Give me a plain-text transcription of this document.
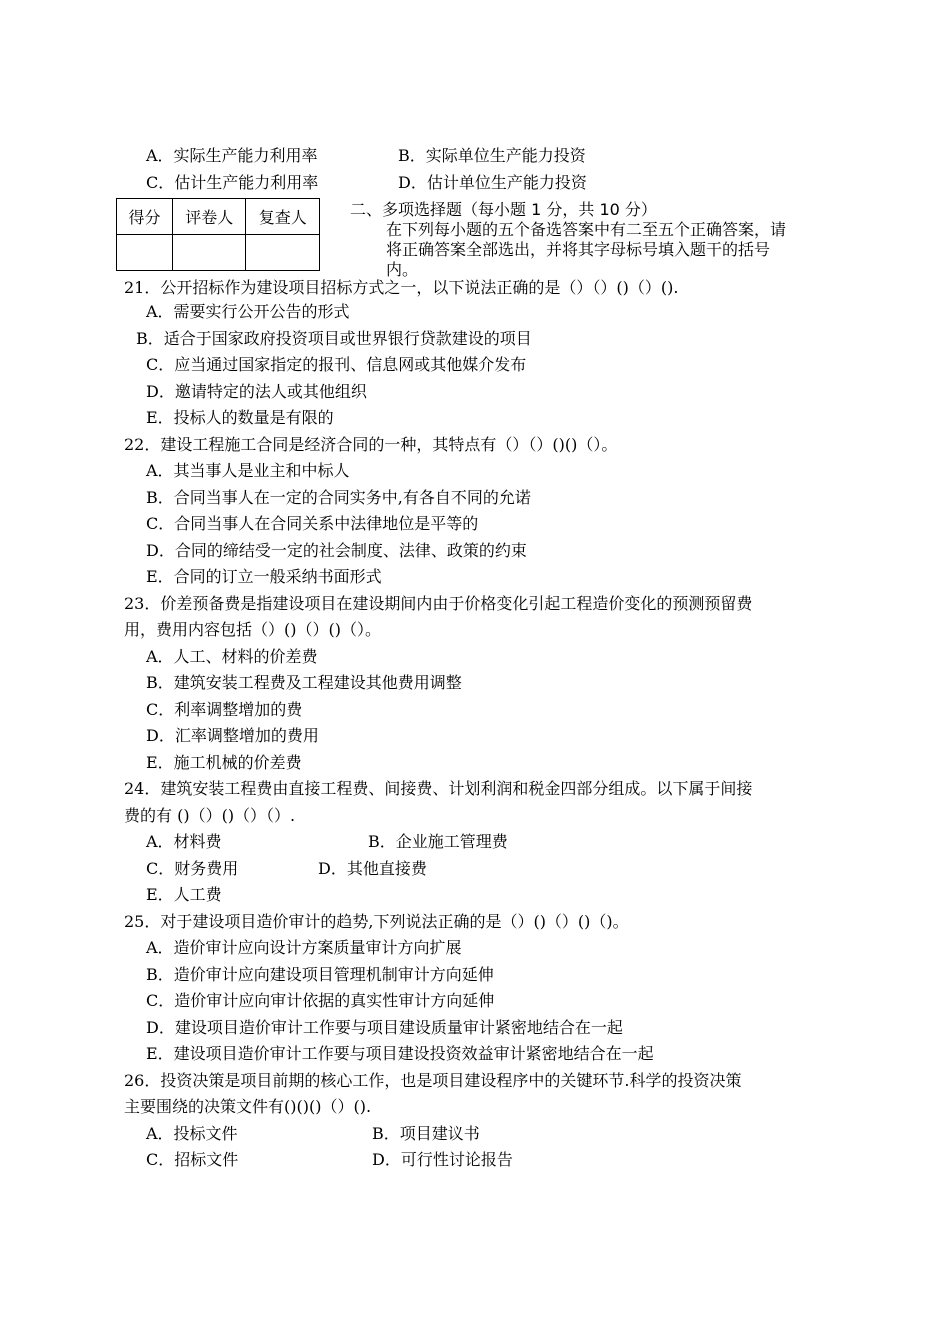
A．实际生产能力利用率	B．实际单位生产能力投资
C．估计生产能力利用率	D．估计单位生产能力投资
得分	评卷人	复查人
			二、多项选择题（每小题 1 分，共 10 分）
在下列每小题的五个备选答案中有二至五个正确答案，请将正确答案全部选出，并将其字母标号填入题干的括号内。
21．公开招标作为建设项目招标方式之一，以下说法正确的是（）（）()（）().
A．需要实行公开公告的形式
B．适合于国家政府投资项目或世界银行贷款建设的项目
C．应当通过国家指定的报刊、信息网或其他媒介发布
D．邀请特定的法人或其他组织
E．投标人的数量是有限的
22．建设工程施工合同是经济合同的一种，其特点有（）（）()()（）。
A．其当事人是业主和中标人
B．合同当事人在一定的合同实务中,有各自不同的允诺
C．合同当事人在合同关系中法律地位是平等的
D．合同的缔结受一定的社会制度、法律、政策的约束
E．合同的订立一般采纳书面形式
23．价差预备费是指建设项目在建设期间内由于价格变化引起工程造价变化的预测预留费
用，费用内容包括（）()（）()（）。
A．人工、材料的价差费
B．建筑安装工程费及工程建设其他费用调整
C．利率调整增加的费
D．汇率调整增加的费用
E．施工机械的价差费
24．建筑安装工程费由直接工程费、间接费、计划利润和税金四部分组成。以下属于间接
费的有 ()（）()（）（）.
A．材料费	B．企业施工管理费
C．财务费用	D．其他直接费
E．人工费
25．对于建设项目造价审计的趋势,下列说法正确的是（）()（）()（)。
A．造价审计应向设计方案质量审计方向扩展
B．造价审计应向建设项目管理机制审计方向延伸
C．造价审计应向审计依据的真实性审计方向延伸
D．建设项目造价审计工作要与项目建设质量审计紧密地结合在一起
E．建设项目造价审计工作要与项目建设投资效益审计紧密地结合在一起
26．投资决策是项目前期的核心工作，也是项目建设程序中的关键环节.科学的投资决策
主要围绕的决策文件有()()()（）().
A．投标文件	B．项目建议书
C．招标文件	D．可行性讨论报告
